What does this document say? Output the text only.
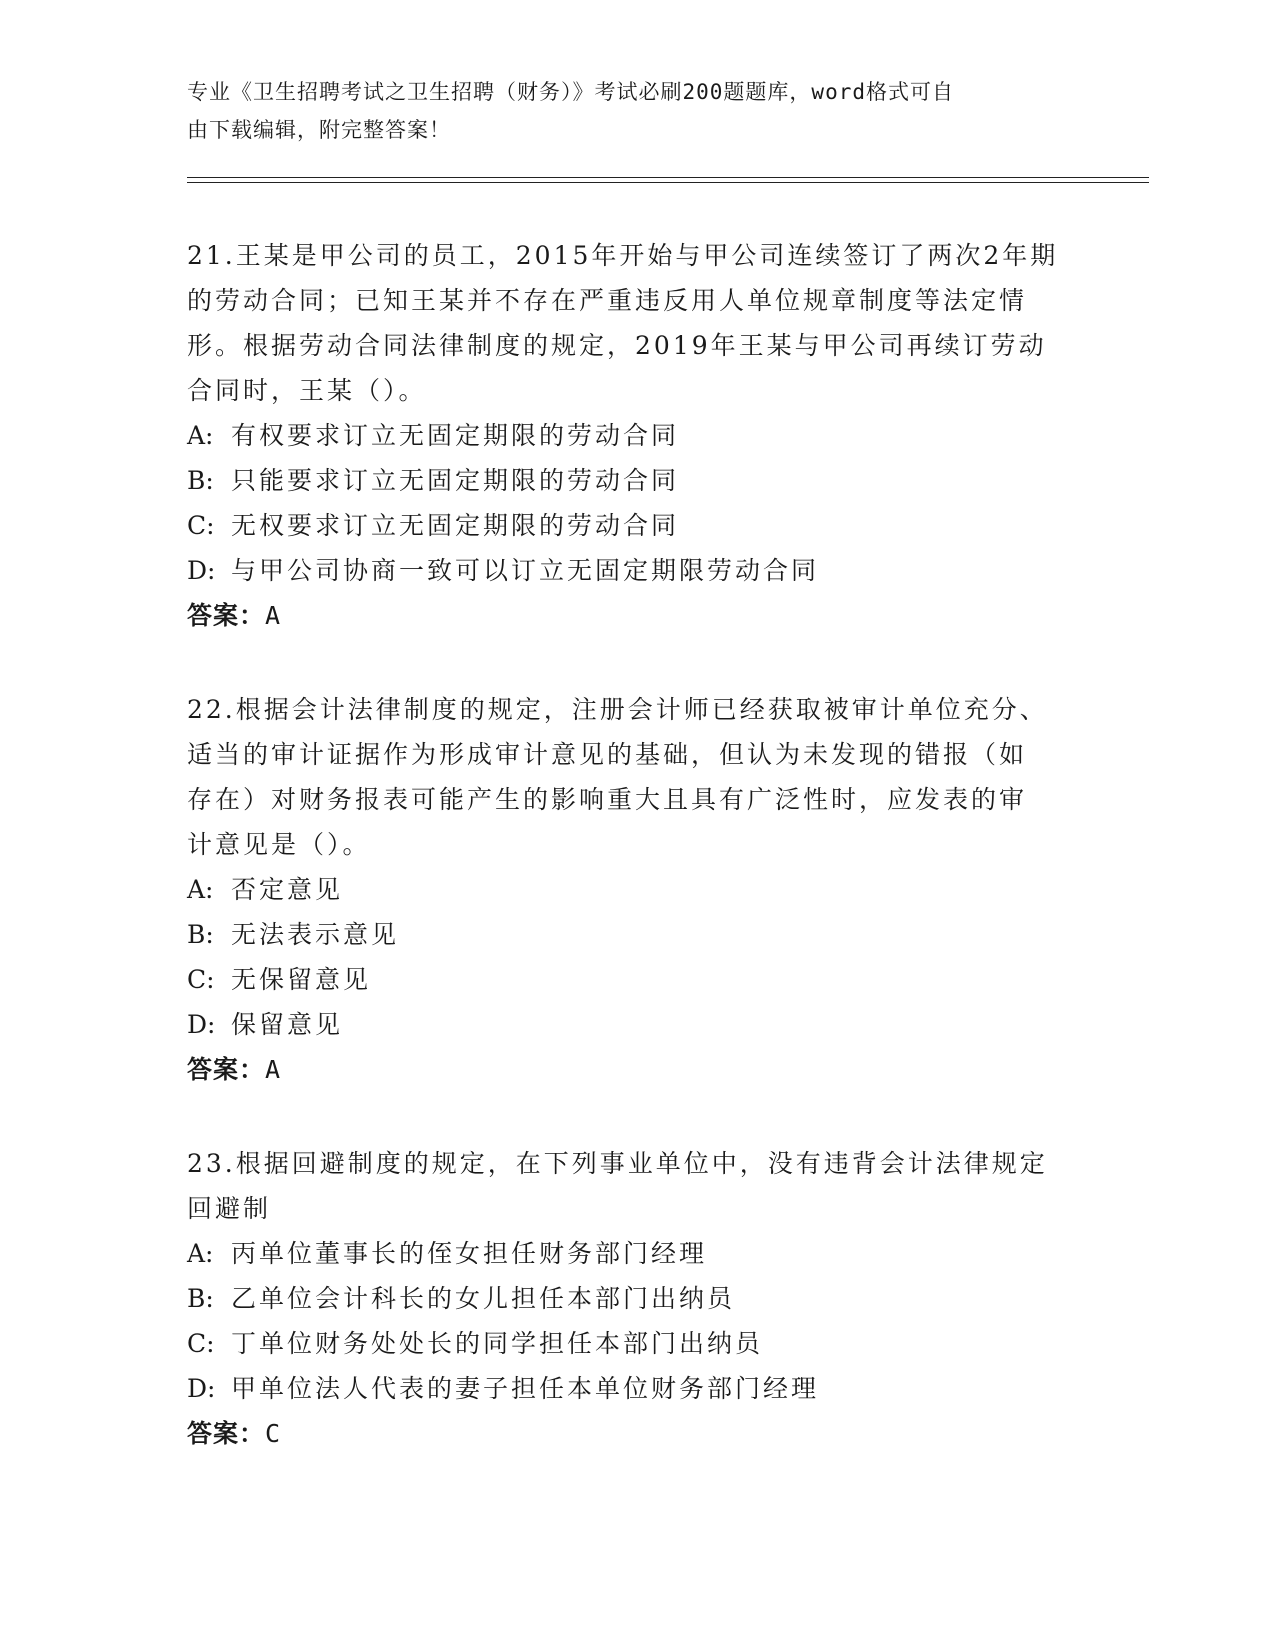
专业《卫生招聘考试之卫生招聘（财务）》考试必刷200题题库，word格式可自
由下载编辑，附完整答案！

21.王某是甲公司的员工，2015年开始与甲公司连续签订了两次2年期

的劳动合同；已知王某并不存在严重违反用人单位规章制度等法定情

形。根据劳动合同法律制度的规定，2019年王某与甲公司再续订劳动

合同时，王某（）。

A: 有权要求订立无固定期限的劳动合同

B: 只能要求订立无固定期限的劳动合同

C: 无权要求订立无固定期限的劳动合同

D: 与甲公司协商一致可以订立无固定期限劳动合同

答案：A

22.根据会计法律制度的规定，注册会计师已经获取被审计单位充分、

适当的审计证据作为形成审计意见的基础，但认为未发现的错报（如

存在）对财务报表可能产生的影响重大且具有广泛性时，应发表的审

计意见是（）。

A: 否定意见

B: 无法表示意见

C: 无保留意见

D: 保留意见

答案：A

23.根据回避制度的规定，在下列事业单位中，没有违背会计法律规定

回避制

A: 丙单位董事长的侄女担任财务部门经理

B: 乙单位会计科长的女儿担任本部门出纳员

C: 丁单位财务处处长的同学担任本部门出纳员

D: 甲单位法人代表的妻子担任本单位财务部门经理

答案：C
